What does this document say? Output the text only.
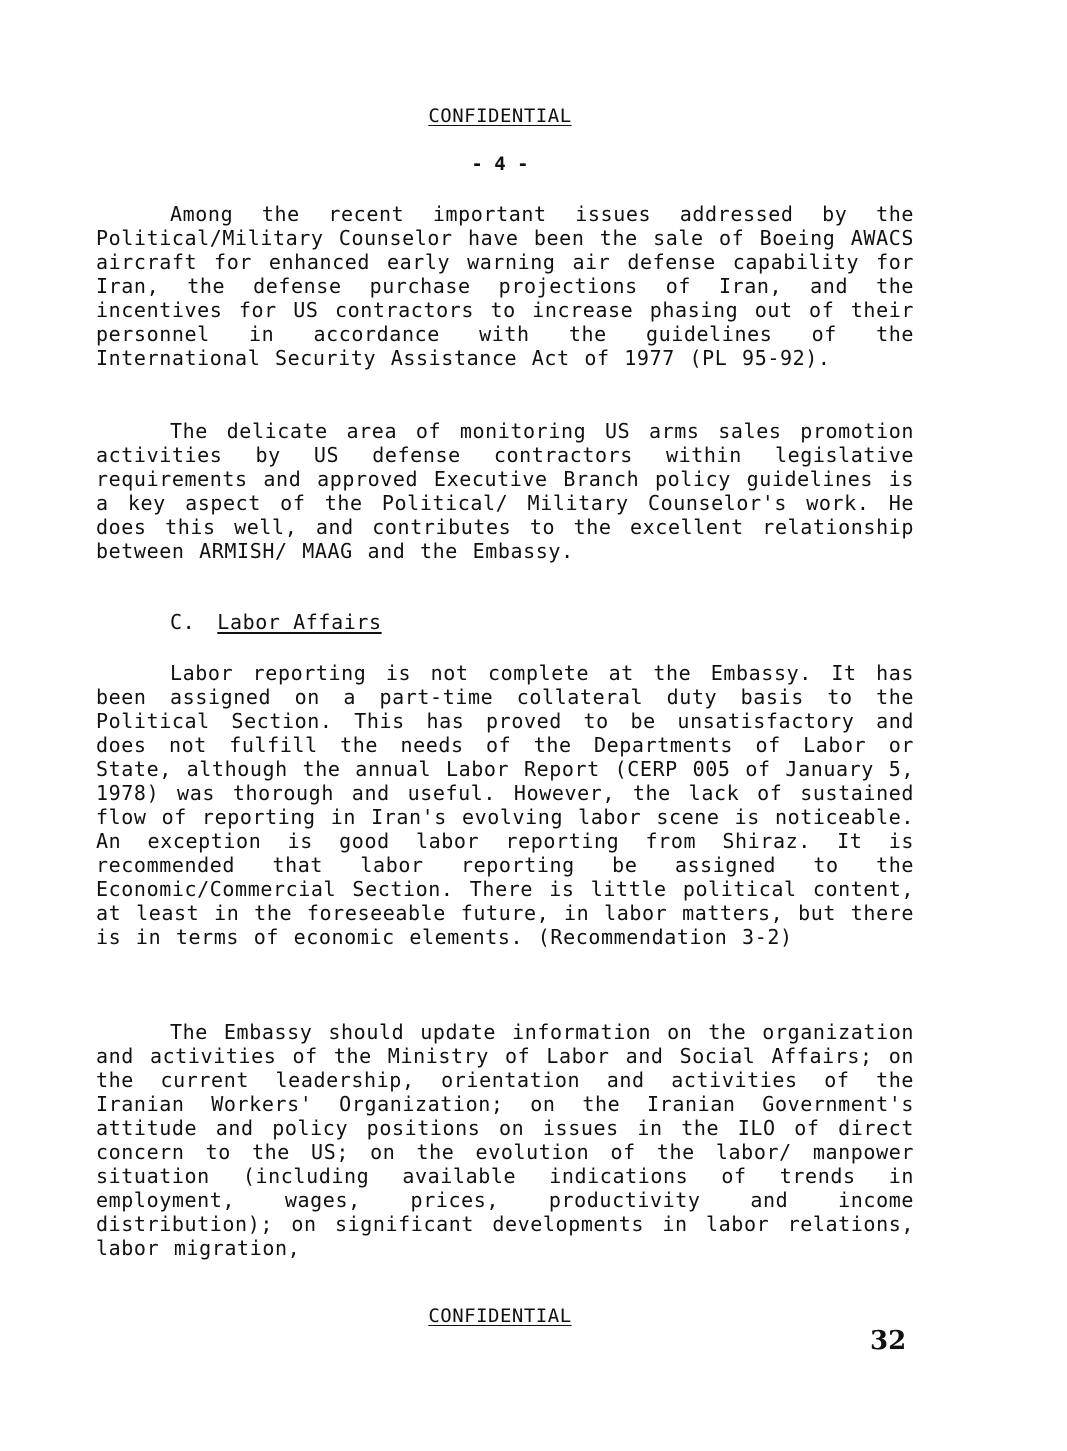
CONFIDENTIAL
- 4 -

Among the recent important issues addressed by the Political/Military Counselor have been the sale of Boeing AWACS aircraft for enhanced early warning air defense capability for Iran, the defense purchase projections of Iran, and the incentives for US contractors to increase phasing out of their personnel in accordance with the guidelines of the International Security Assistance Act of 1977 (PL 95-92).

The delicate area of monitoring US arms sales promotion activities by US defense contractors within legislative requirements and approved Executive Branch policy guidelines is a key aspect of the Political/ Military Counselor's work. He does this well, and contributes to the excellent relationship between ARMISH/ MAAG and the Embassy.

C. Labor Affairs

Labor reporting is not complete at the Embassy. It has been assigned on a part-time collateral duty basis to the Political Section. This has proved to be unsatisfactory and does not fulfill the needs of the Departments of Labor or State, although the annual Labor Report (CERP 005 of January 5, 1978) was thorough and useful. However, the lack of sustained flow of reporting in Iran's evolving labor scene is noticeable. An exception is good labor reporting from Shiraz. It is recommended that labor reporting be assigned to the Economic/Commercial Section. There is little political content, at least in the foreseeable future, in labor matters, but there is in terms of economic elements. (Recommendation 3-2)

The Embassy should update information on the organization and activities of the Ministry of Labor and Social Affairs; on the current leadership, orientation and activities of the Iranian Workers' Organization; on the Iranian Government's attitude and policy positions on issues in the ILO of direct concern to the US; on the evolution of the labor/ manpower situation (including available indications of trends in employment, wages, prices, productivity and income distribution); on significant developments in labor relations, labor migration,

CONFIDENTIAL
32
